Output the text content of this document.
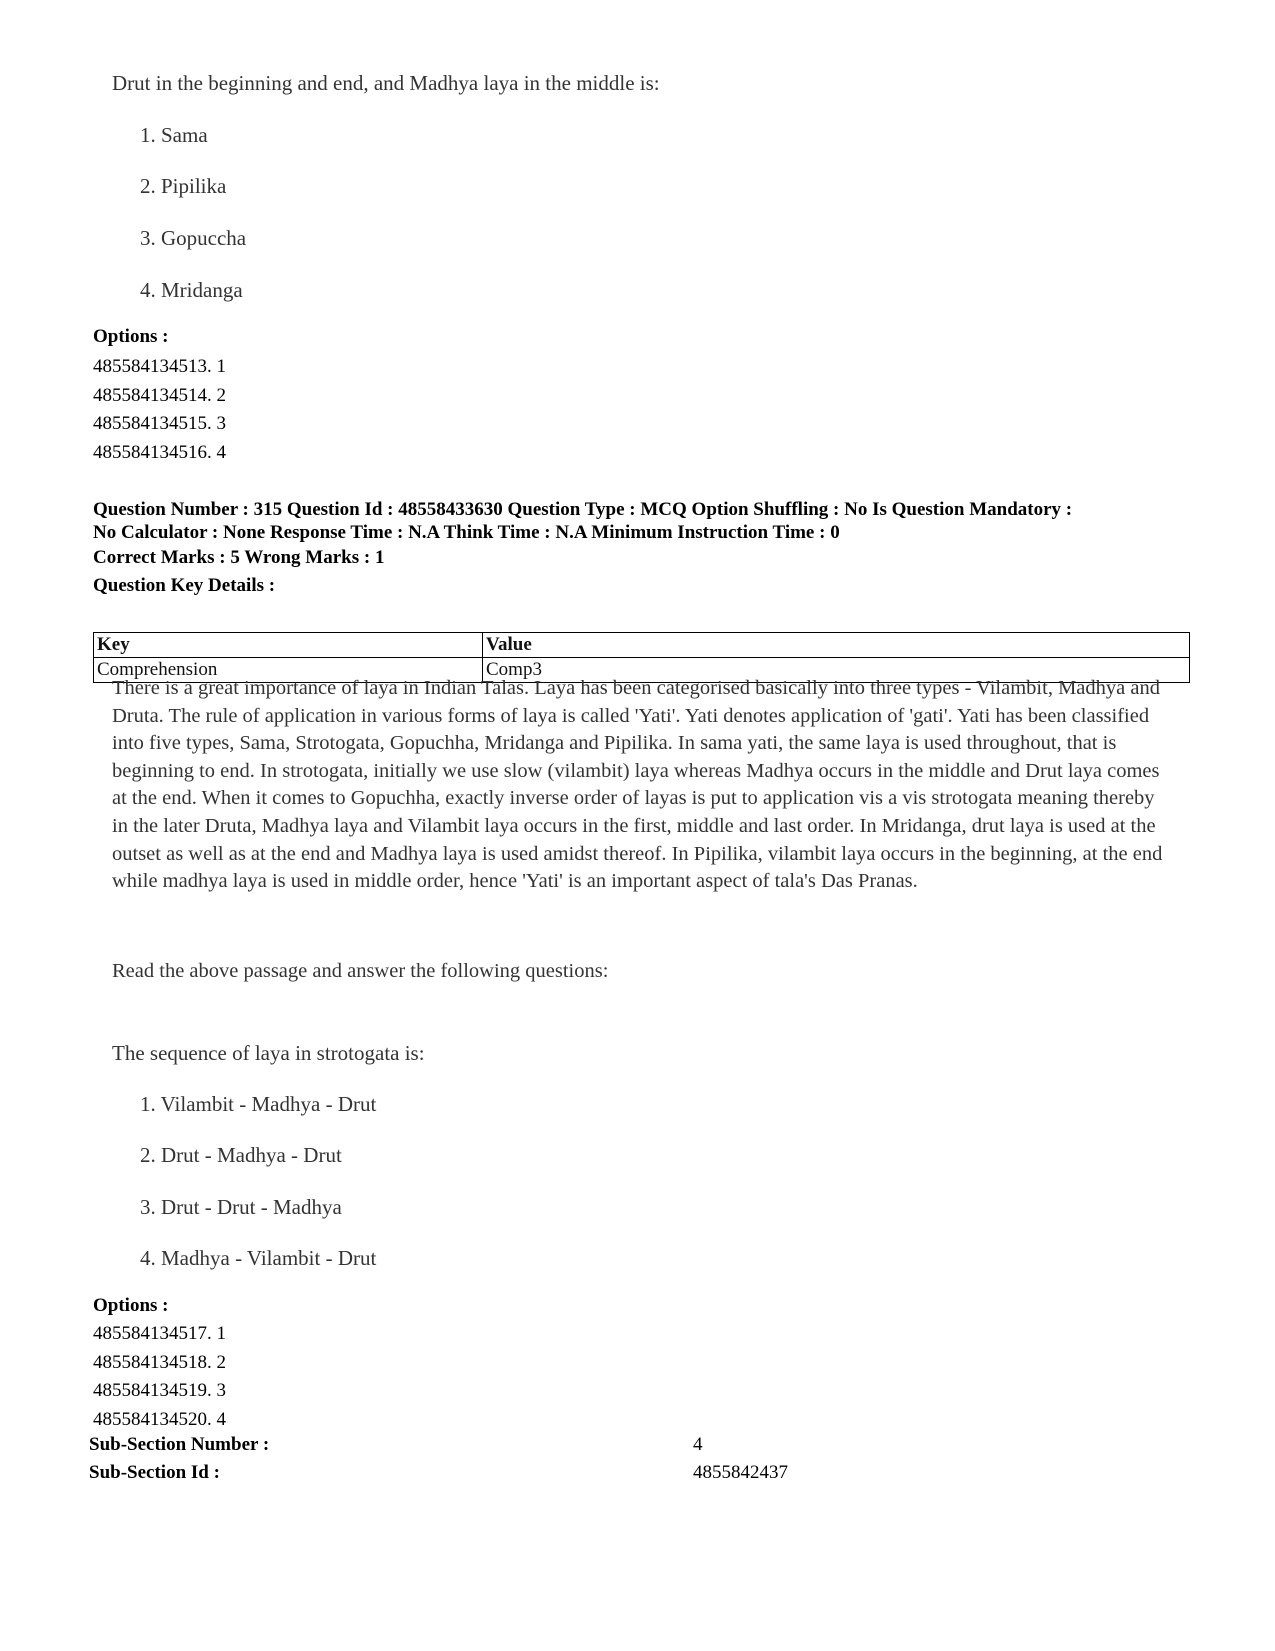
Drut in the beginning and end, and Madhya laya in the middle is:
1. Sama
2. Pipilika
3. Gopuccha
4. Mridanga
Options :
485584134513. 1
485584134514. 2
485584134515. 3
485584134516. 4
Question Number : 315 Question Id : 48558433630 Question Type : MCQ Option Shuffling : No Is Question Mandatory :
No Calculator : None Response Time : N.A Think Time : N.A Minimum Instruction Time : 0
Correct Marks : 5 Wrong Marks : 1
Question Key Details :
Key	Value
Comprehension	Comp3
There is a great importance of laya in Indian Talas. Laya has been categorised basically into three types - Vilambit, Madhya and Druta. The rule of application in various forms of laya is called 'Yati'. Yati denotes application of 'gati'. Yati has been classified into five types, Sama, Strotogata, Gopuchha, Mridanga and Pipilika. In sama yati, the same laya is used throughout, that is beginning to end. In strotogata, initially we use slow (vilambit) laya whereas Madhya occurs in the middle and Drut laya comes at the end. When it comes to Gopuchha, exactly inverse order of layas is put to application vis a vis strotogata meaning thereby in the later Druta, Madhya laya and Vilambit laya occurs in the first, middle and last order. In Mridanga, drut laya is used at the outset as well as at the end and Madhya laya is used amidst thereof. In Pipilika, vilambit laya occurs in the beginning, at the end while madhya laya is used in middle order, hence 'Yati' is an important aspect of tala's Das Pranas.
Read the above passage and answer the following questions:
The sequence of laya in strotogata is:
1. Vilambit - Madhya - Drut
2. Drut - Madhya - Drut
3. Drut - Drut - Madhya
4. Madhya - Vilambit - Drut
Options :
485584134517. 1
485584134518. 2
485584134519. 3
485584134520. 4
Sub-Section Number :	4
Sub-Section Id :	4855842437
